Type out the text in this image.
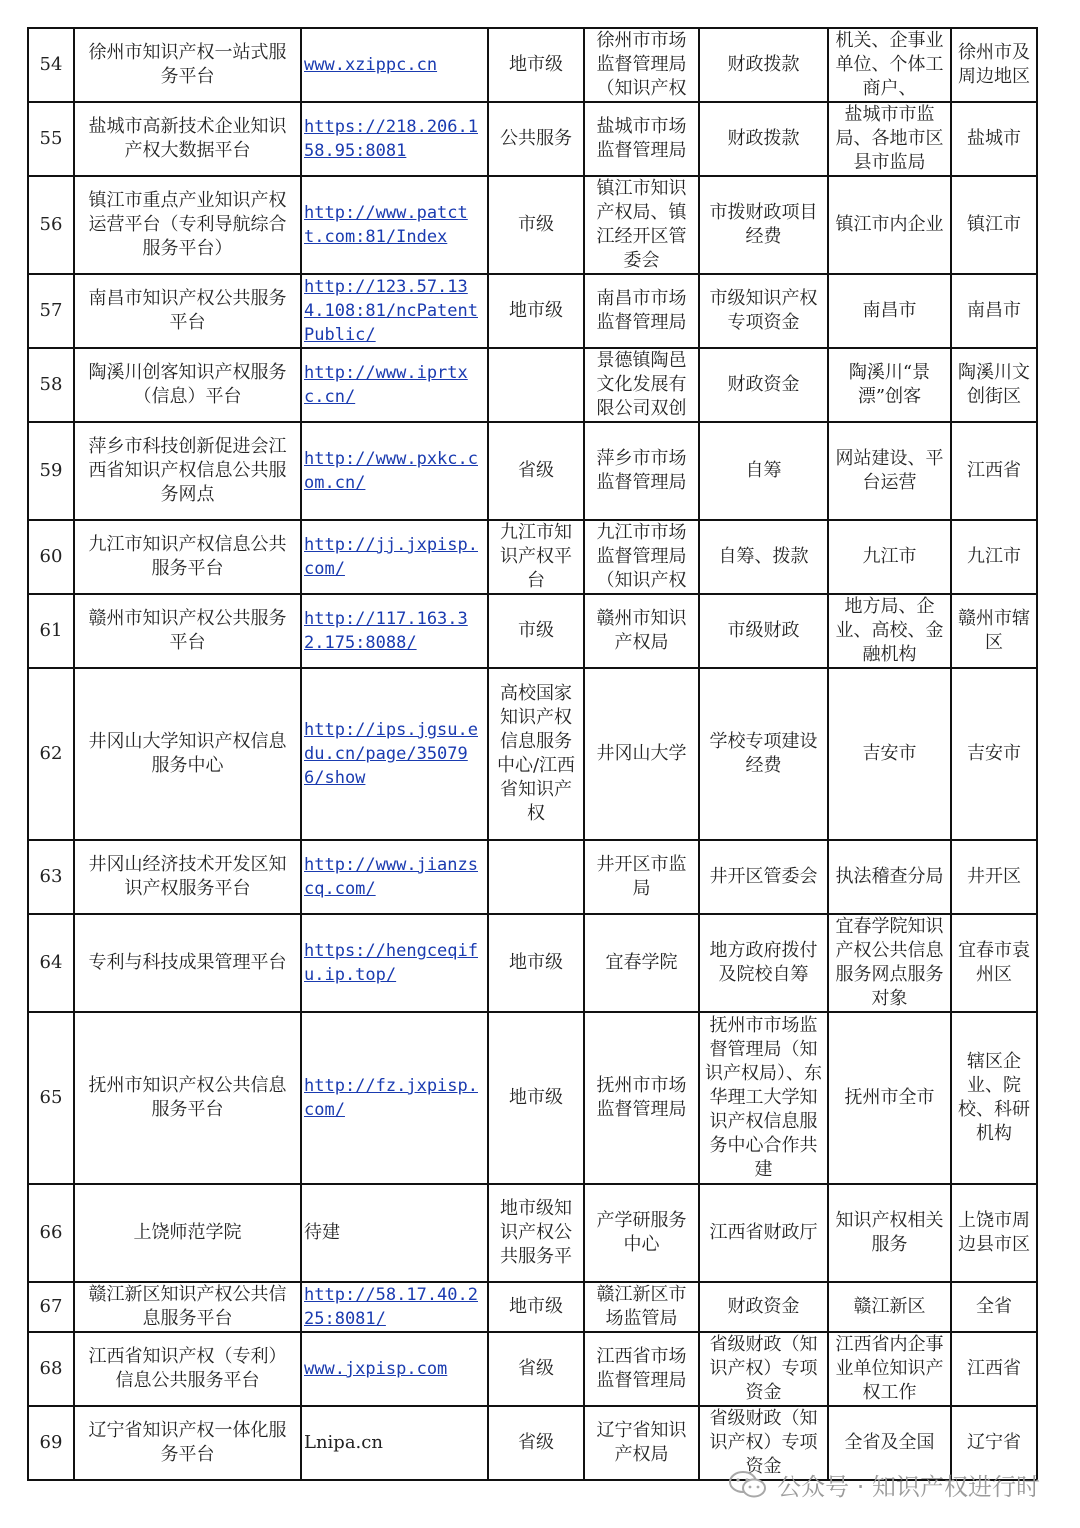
54	徐州市知识产权一站式服务平台	www.xzippc.cn	地市级	徐州市市场监督管理局（知识产权	财政拨款	机关、企事业单位、个体工商户、	徐州市及周边地区
55	盐城市高新技术企业知识产权大数据平台	https://218.206.158.95:8081	公共服务	盐城市市场监督管理局	财政拨款	盐城市市监局、各地市区县市监局	盐城市
56	镇江市重点产业知识产权运营平台（专利导航综合服务平台）	http://www.patctt.com:81/Index	市级	镇江市知识产权局、镇江经开区管委会	市拨财政项目经费	镇江市内企业	镇江市
57	南昌市知识产权公共服务平台	http://123.57.134.108:81/ncPatentPublic/	地市级	南昌市市场监督管理局	市级知识产权专项资金	南昌市	南昌市
58	陶溪川创客知识产权服务（信息）平台	http://www.iprtxc.cn/		景德镇陶邑文化发展有限公司双创	财政资金	陶溪川“景漂”创客	陶溪川文创街区
59	萍乡市科技创新促进会江西省知识产权信息公共服务网点	http://www.pxkc.com.cn/	省级	萍乡市市场监督管理局	自筹	网站建设、平台运营	江西省
60	九江市知识产权信息公共服务平台	http://jj.jxpisp.com/	九江市知识产权平台	九江市市场监督管理局（知识产权	自筹、拨款	九江市	九江市
61	赣州市知识产权公共服务平台	http://117.163.32.175:8088/	市级	赣州市知识产权局	市级财政	地方局、企业、高校、金融机构	赣州市辖区
62	井冈山大学知识产权信息服务中心	http://ips.jgsu.edu.cn/page/350796/show	高校国家知识产权信息服务中心/江西省知识产权	井冈山大学	学校专项建设经费	吉安市	吉安市
63	井冈山经济技术开发区知识产权服务平台	http://www.jianzscq.com/		井开区市监局	井开区管委会	执法稽查分局	井开区
64	专利与科技成果管理平台	https://hengceqifu.ip.top/	地市级	宜春学院	地方政府拨付及院校自筹	宜春学院知识产权公共信息服务网点服务对象	宜春市袁州区
65	抚州市知识产权公共信息服务平台	http://fz.jxpisp.com/	地市级	抚州市市场监督管理局	抚州市市场监督管理局（知识产权局）、东华理工大学知识产权信息服务中心合作共建	抚州市全市	辖区企业、院校、科研机构
66	上饶师范学院	待建	地市级知识产权公共服务平	产学研服务中心	江西省财政厅	知识产权相关服务	上饶市周边县市区
67	赣江新区知识产权公共信息服务平台	http://58.17.40.225:8081/	地市级	赣江新区市场监管局	财政资金	赣江新区	全省
68	江西省知识产权（专利）信息公共服务平台	www.jxpisp.com	省级	江西省市场监督管理局	省级财政（知识产权）专项资金	江西省内企事业单位知识产权工作	江西省
69	辽宁省知识产权一体化服务平台	Lnipa.cn	省级	辽宁省知识产权局	省级财政（知识产权）专项资金	全省及全国	辽宁省
公众号 · 知识产权进行时
